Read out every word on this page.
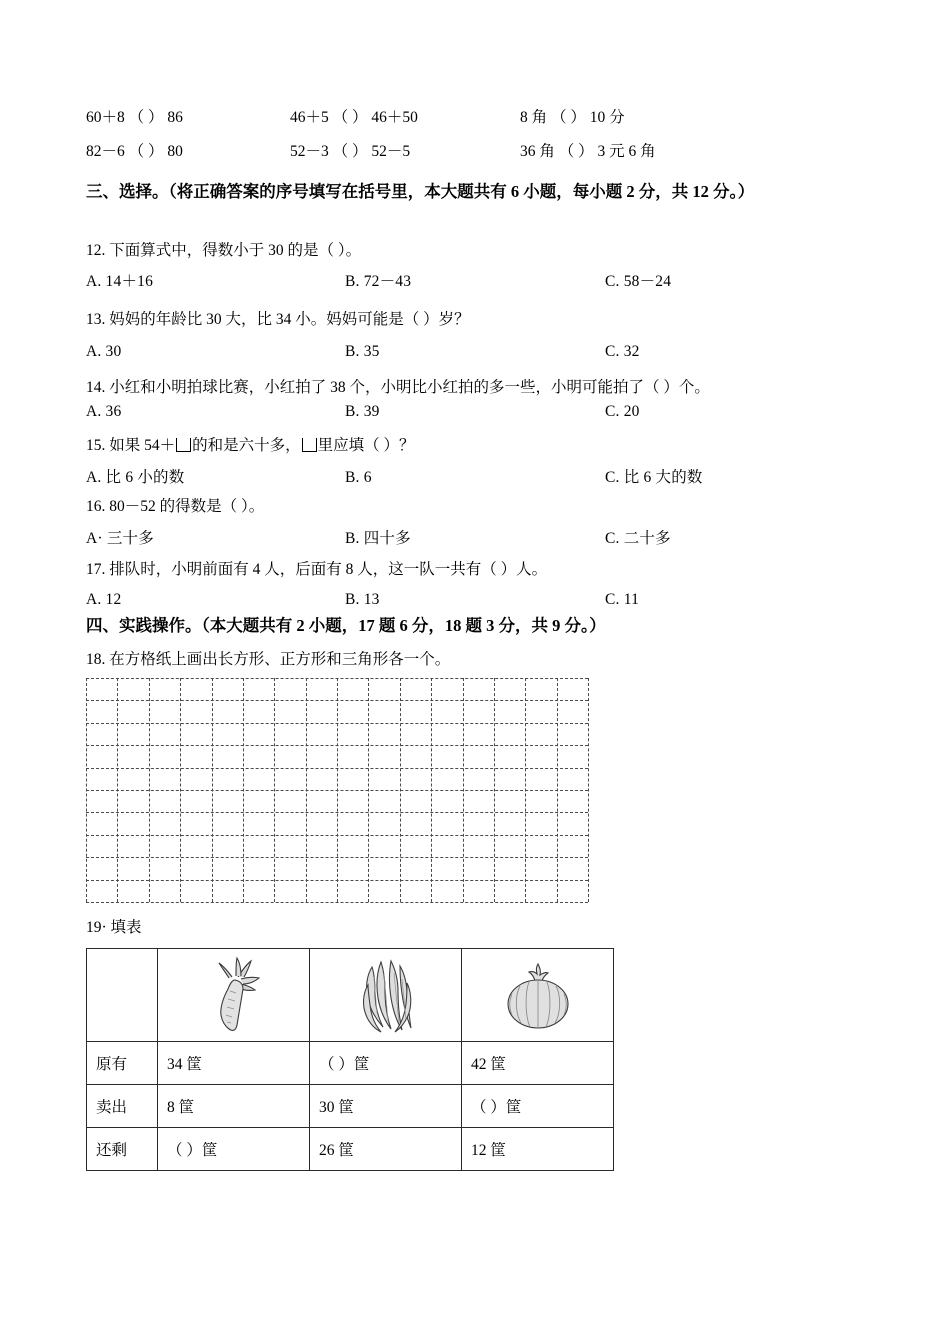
60＋8 （ ） 86	46＋5 （ ） 46＋50	8 角 （ ） 10 分
82－6 （ ） 80	52－3 （ ） 52－5	36 角 （ ） 3 元 6 角
三、选择。（将正确答案的序号填写在括号里，本大题共有 6 小题，每小题 2 分，共 12 分。）
12. 下面算式中，得数小于 30 的是（ ）。
A. 14＋16	B. 72－43	C. 58－24
13. 妈妈的年龄比 30 大，比 34 小。妈妈可能是（ ）岁？
A. 30	B. 35	C. 32
14. 小红和小明拍球比赛，小红拍了 38 个，小明比小红拍的多一些，小明可能拍了（ ）个。
A. 36	B. 39	C. 20
15. 如果 54＋ 的和是六十多， 里应填（ ）？
A. 比 6 小的数	B. 6	C. 比 6 大的数
16. 80－52 的得数是（ ）。
A· 三十多	B. 四十多	C. 二十多
17. 排队时，小明前面有 4 人，后面有 8 人，这一队一共有（ ）人。
A. 12	B. 13	C. 11
四、实践操作。（本大题共有 2 小题，17 题 6 分，18 题 3 分，共 9 分。）
18. 在方格纸上画出长方形、正方形和三角形各一个。
19· 填表

原有	34 筐	（ ）筐	42 筐
卖出	8 筐	30 筐	（ ）筐
还剩	（ ）筐	26 筐	12 筐
